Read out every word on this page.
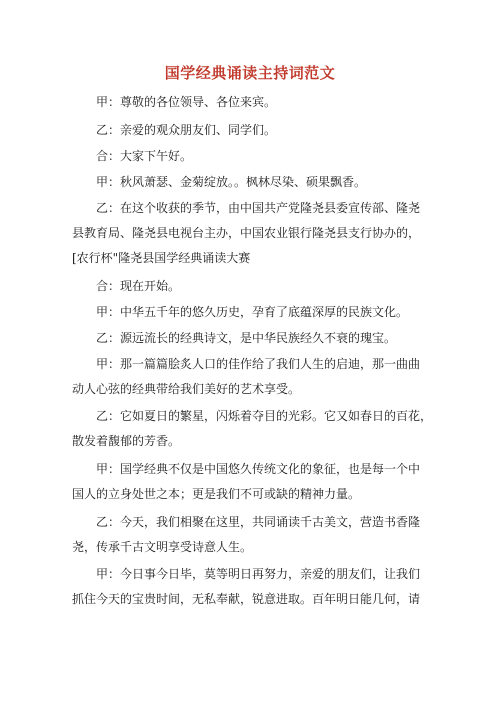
国学经典诵读主持词范文
甲：尊敬的各位领导、各位来宾。
乙：亲爱的观众朋友们、同学们。
合：大家下午好。
甲：秋风萧瑟、金菊绽放。。枫林尽染、硕果飘香。
乙：在这个收获的季节，由中国共产党隆尧县委宣传部、隆尧
县教育局、隆尧县电视台主办，中国农业银行隆尧县支行协办的，
[农行杯"隆尧县国学经典诵读大赛
合：现在开始。
甲：中华五千年的悠久历史，孕育了底蕴深厚的民族文化。
乙：源远流长的经典诗文，是中华民族经久不衰的瑰宝。
甲：那一篇篇脍炙人口的佳作给了我们人生的启迪，那一曲曲
动人心弦的经典带给我们美好的艺术享受。
乙：它如夏日的繁星，闪烁着夺目的光彩。它又如春日的百花，
散发着馥郁的芳香。
甲：国学经典不仅是中国悠久传统文化的象征，也是每一个中
国人的立身处世之本；更是我们不可或缺的精神力量。
乙：今天，我们相聚在这里，共同诵读千古美文，营造书香隆
尧，传承千古文明享受诗意人生。
甲：今日事今日毕，莫等明日再努力，亲爱的朋友们，让我们
抓住今天的宝贵时间，无私奉献，锐意进取。百年明日能几何，请
